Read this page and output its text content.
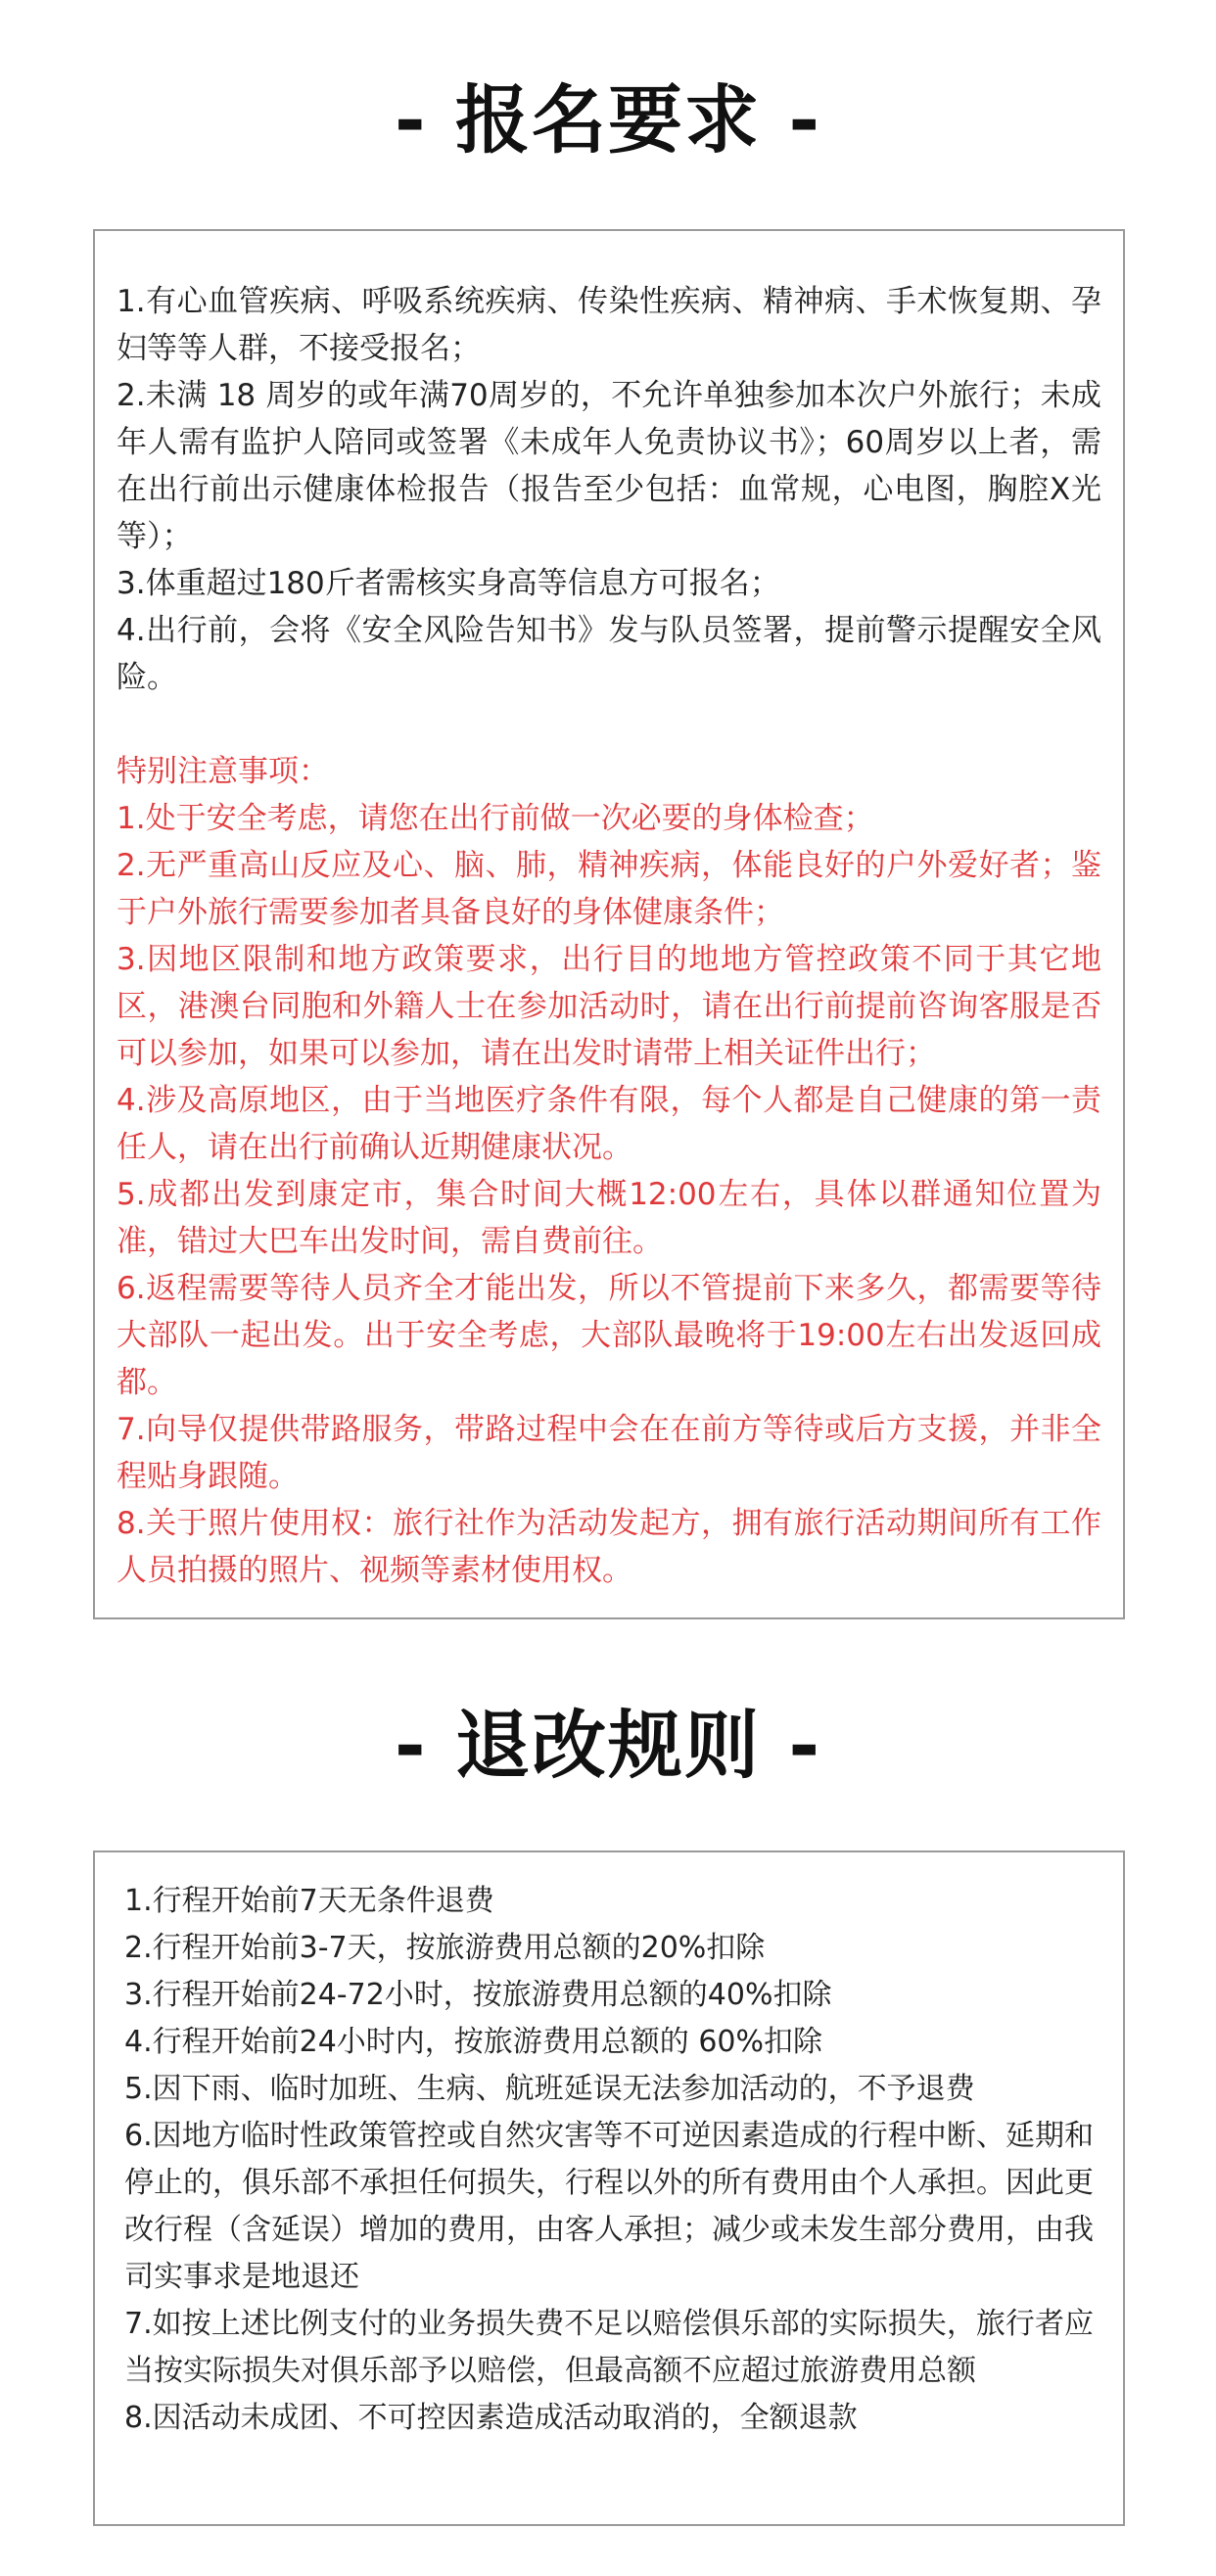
- 报名要求 -

1.有心血管疾病、呼吸系统疾病、传染性疾病、精神病、手术恢复期、孕妇等等人群，不接受报名；

2.未满 18 周岁的或年满70周岁的，不允许单独参加本次户外旅行；未成年人需有监护人陪同或签署《未成年人免责协议书》；60周岁以上者，需在出行前出示健康体检报告（报告至少包括：血常规，心电图，胸腔X光等）；

3.体重超过180斤者需核实身高等信息方可报名；

4.出行前，会将《安全风险告知书》发与队员签署，提前警示提醒安全风险。

特别注意事项：

1.处于安全考虑，请您在出行前做一次必要的身体检查；

2.无严重高山反应及心、脑、肺，精神疾病，体能良好的户外爱好者；鉴于户外旅行需要参加者具备良好的身体健康条件；

3.因地区限制和地方政策要求，出行目的地地方管控政策不同于其它地区，港澳台同胞和外籍人士在参加活动时，请在出行前提前咨询客服是否可以参加，如果可以参加，请在出发时请带上相关证件出行；

4.涉及高原地区，由于当地医疗条件有限，每个人都是自己健康的第一责任人，请在出行前确认近期健康状况。

5.成都出发到康定市，集合时间大概12:00左右，具体以群通知位置为准，错过大巴车出发时间，需自费前往。

6.返程需要等待人员齐全才能出发，所以不管提前下来多久，都需要等待大部队一起出发。出于安全考虑，大部队最晚将于19:00左右出发返回成都。

7.向导仅提供带路服务，带路过程中会在在前方等待或后方支援，并非全程贴身跟随。

8.关于照片使用权：旅行社作为活动发起方，拥有旅行活动期间所有工作人员拍摄的照片、视频等素材使用权。

- 退改规则 -

1.行程开始前7天无条件退费

2.行程开始前3-7天，按旅游费用总额的20%扣除

3.行程开始前24-72小时，按旅游费用总额的40%扣除

4.行程开始前24小时内，按旅游费用总额的 60%扣除

5.因下雨、临时加班、生病、航班延误无法参加活动的，不予退费

6.因地方临时性政策管控或自然灾害等不可逆因素造成的行程中断、延期和停止的，俱乐部不承担任何损失，行程以外的所有费用由个人承担。因此更改行程（含延误）增加的费用，由客人承担；减少或未发生部分费用，由我司实事求是地退还

7.如按上述比例支付的业务损失费不足以赔偿俱乐部的实际损失，旅行者应当按实际损失对俱乐部予以赔偿，但最高额不应超过旅游费用总额

8.因活动未成团、不可控因素造成活动取消的，全额退款
